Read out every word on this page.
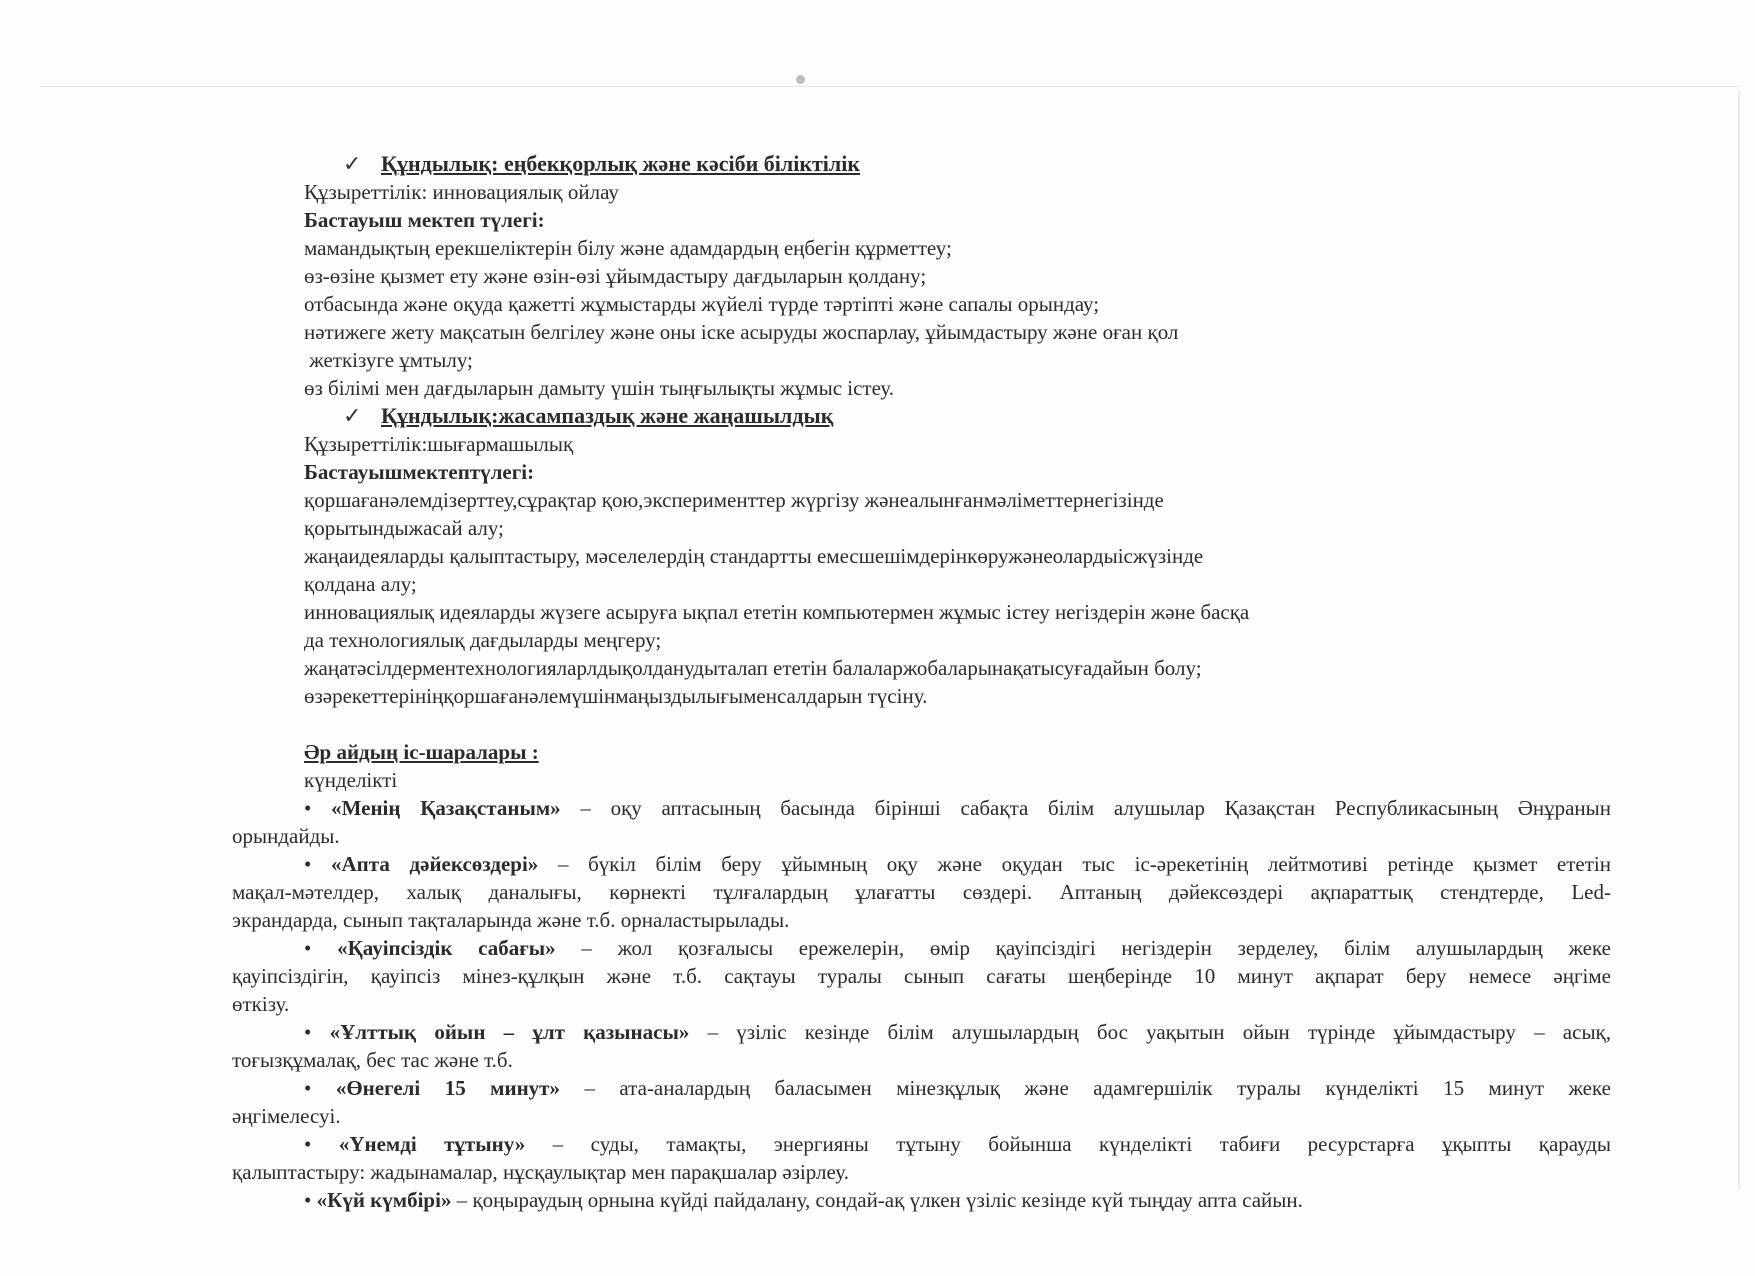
✓ Құндылық: еңбекқорлық және кәсіби біліктілік
Құзыреттілік: инновациялық ойлау
Бастауыш мектеп түлегі:
мамандықтың ерекшеліктерін білу және адамдардың еңбегін құрметтеу;
өз-өзіне қызмет ету және өзін-өзі ұйымдастыру дағдыларын қолдану;
отбасында және оқуда қажетті жұмыстарды жүйелі түрде тәртіпті және сапалы орындау;
нәтижеге жету мақсатын белгілеу және оны іске асыруды жоспарлау, ұйымдастыру және оған қол
жеткізуге ұмтылу;
өз білімі мен дағдыларын дамыту үшін тыңғылықты жұмыс істеу.
✓ Құндылық:жасампаздық және жаңашылдық
Құзыреттілік:шығармашылық
Бастауышмектептүлегі:
қоршағанәлемдізерттеу,сұрақтар қою,эксперименттер жүргізу жәнеалынғанмәліметтернегізінде
қорытындыжасай алу;
жаңаидеяларды қалыптастыру, мәселелердің стандартты емесшешімдерінкөружәнеолардыісжүзінде
қолдана алу;
инновациялық идеяларды жүзеге асыруға ықпал ететін компьютермен жұмыс істеу негіздерін және басқа
да технологиялық дағдыларды меңгеру;
жаңатәсілдерментехнологияларлдықолданудыталап ететін балаларжобаларынақатысуғадайын болу;
өзәрекеттерініңқоршағанәлемүшінмаңыздылығыменсалдарын түсіну.
Әр айдың іс-шаралары :
күнделікті
• «Менің Қазақстаным» – оқу аптасының басында бірінші сабақта білім алушылар Қазақстан Республикасының Әнұранын
орындайды.
• «Апта дәйексөздері» – бүкіл білім беру ұйымның оқу және оқудан тыс іс-әрекетінің лейтмотиві ретінде қызмет ететін
мақал-мәтелдер, халық даналығы, көрнекті тұлғалардың ұлағатты сөздері. Аптаның дәйексөздері ақпараттық стендтерде, Led-
экрандарда, сынып тақталарында және т.б. орналастырылады.
• «Қауіпсіздік сабағы» – жол қозғалысы ережелерін, өмір қауіпсіздігі негіздерін зерделеу, білім алушылардың жеке
қауіпсіздігін, қауіпсіз мінез-құлқын және т.б. сақтауы туралы сынып сағаты шеңберінде 10 минут ақпарат беру немесе әңгіме
өткізу.
• «Ұлттық ойын – ұлт қазынасы» – үзіліс кезінде білім алушылардың бос уақытын ойын түрінде ұйымдастыру – асық,
тоғызқұмалақ, бес тас және т.б.
• «Өнегелі 15 минут» – ата-аналардың баласымен мінезқұлық және адамгершілік туралы күнделікті 15 минут жеке
әңгімелесуі.
• «Үнемді тұтыну» – суды, тамақты, энергияны тұтыну бойынша күнделікті табиғи ресурстарға ұқыпты қарауды
қалыптастыру: жадынамалар, нұсқаулықтар мен парақшалар әзірлеу.
• «Күй күмбірі» – қоңыраудың орнына күйді пайдалану, сондай-ақ үлкен үзіліс кезінде күй тыңдау апта сайын.
